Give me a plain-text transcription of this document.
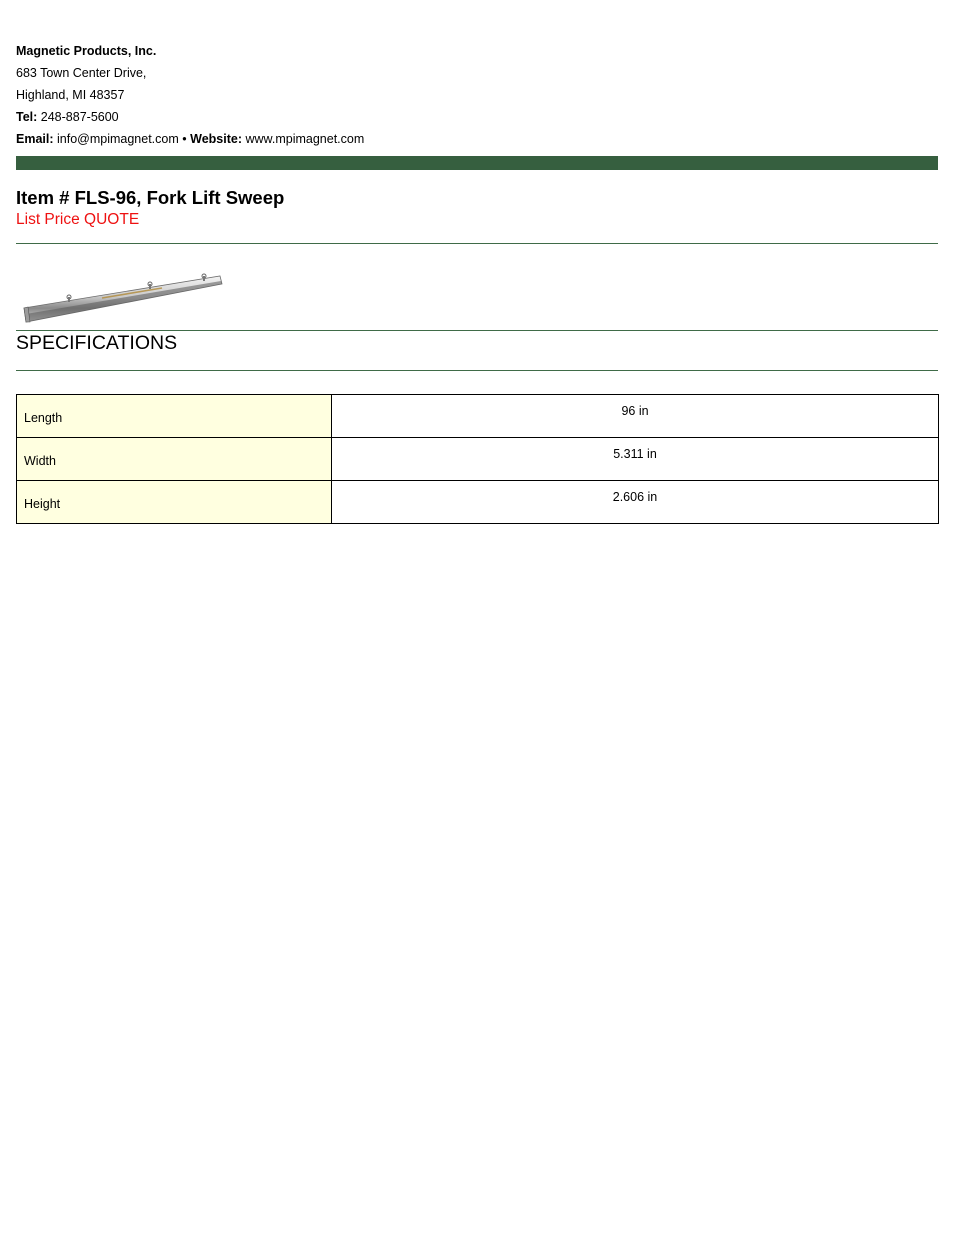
Magnetic Products, Inc.
683 Town Center Drive,
Highland, MI 48357
Tel: 248-887-5600
Email: info@mpimagnet.com • Website: www.mpimagnet.com
Item # FLS-96, Fork Lift Sweep
List Price QUOTE
SPECIFICATIONS
Length	96 in
Width	5.311 in
Height	2.606 in
